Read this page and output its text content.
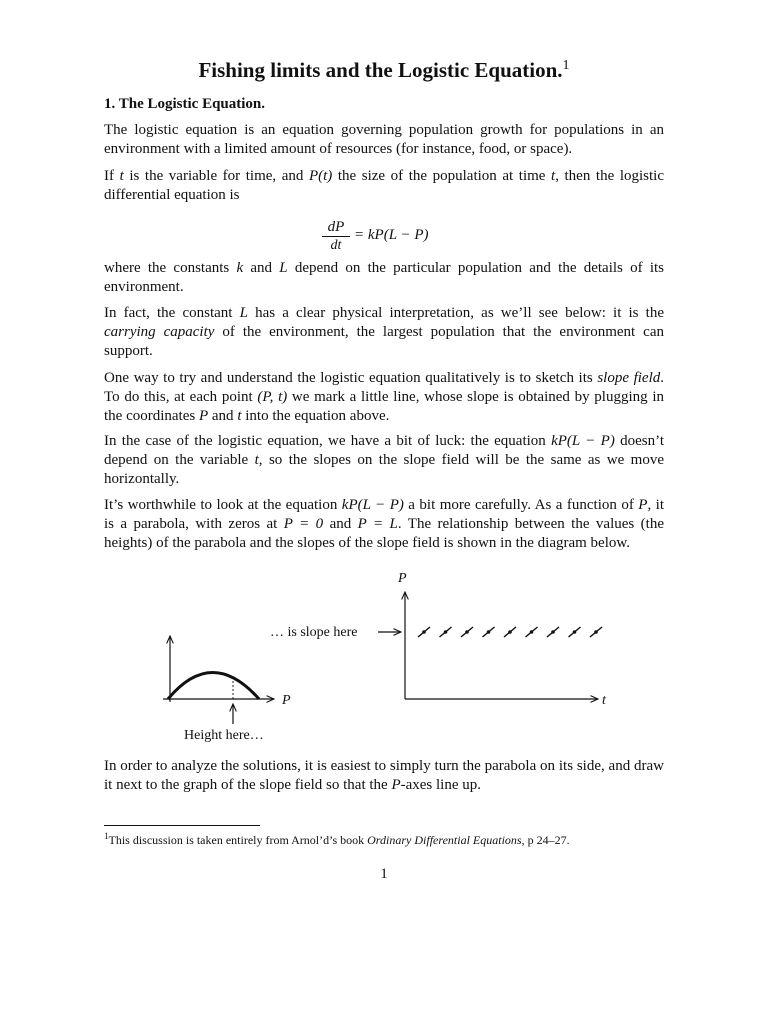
Fishing limits and the Logistic Equation.$^1$
1. The Logistic Equation.
The logistic equation is an equation governing population growth for populations in an environment with a limited amount of resources (for instance, food, or space).
If t is the variable for time, and P(t) the size of the population at time t, then the logistic differential equation is
$\frac{dP}{dt} = kP(L - P)$
where the constants k and L depend on the particular population and the details of its environment.
In fact, the constant L has a clear physical interpretation, as we’ll see below: it is the carrying capacity of the environment, the largest population that the environment can support.
One way to try and understand the logistic equation qualitatively is to sketch its slope field. To do this, at each point (P, t) we mark a little line, whose slope is obtained by plugging in the coordinates P and t into the equation above.
In the case of the logistic equation, we have a bit of luck: the equation kP(L − P) doesn’t depend on the variable t, so the slopes on the slope field will be the same as we move horizontally.
It’s worthwhile to look at the equation kP(L − P) a bit more carefully. As a function of P, it is a parabola, with zeros at P = 0 and P = L. The relationship between the values (the heights) of the parabola and the slopes of the slope field is shown in the diagram below.
P
Height here…
… is slope here
P
t
In order to analyze the solutions, it is easiest to simply turn the parabola on its side, and draw it next to the graph of the slope field so that the P-axes line up.
$^1$This discussion is taken entirely from Arnol’d’s book Ordinary Differential Equations, p 24–27.
1
